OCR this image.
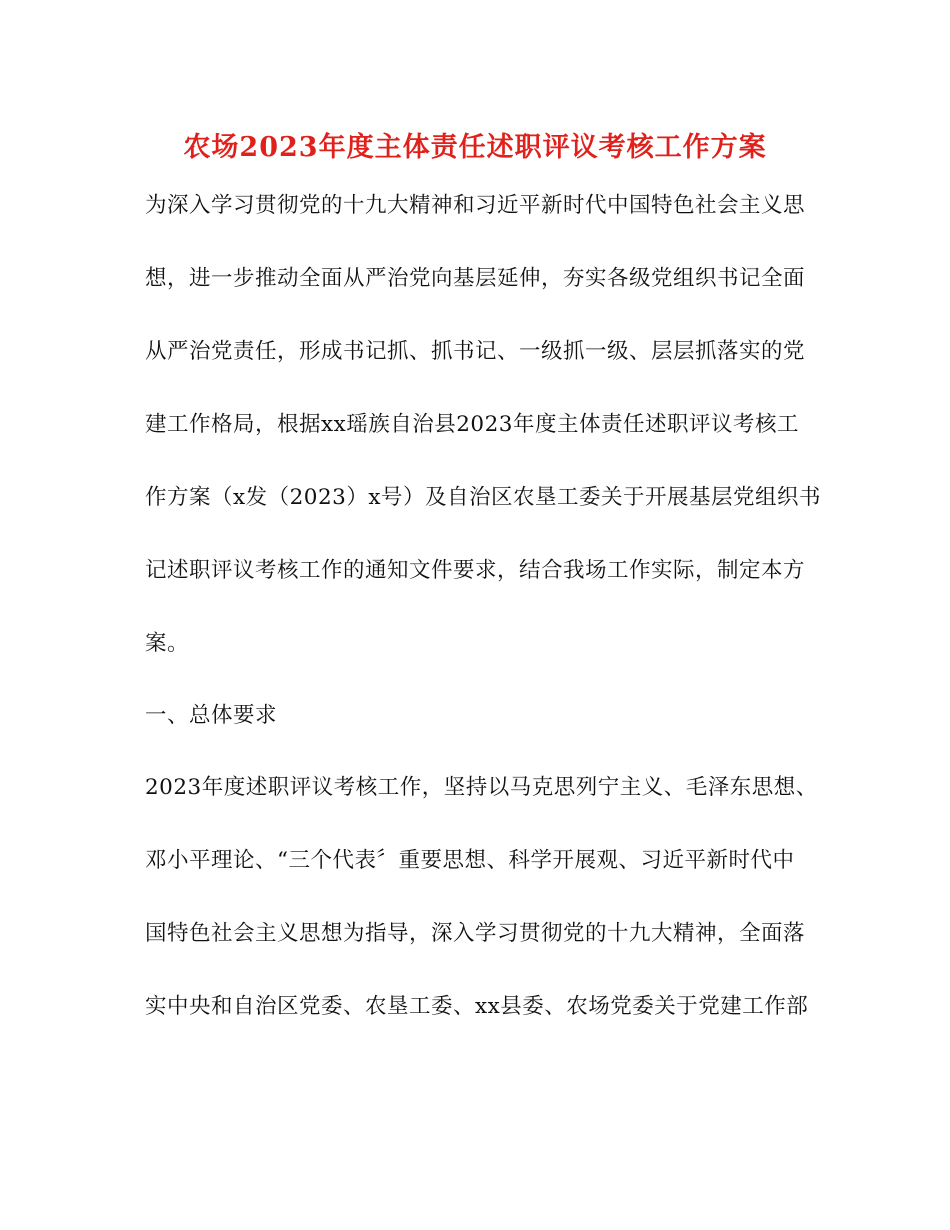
农场2023年度主体责任述职评议考核工作方案
为深入学习贯彻党的十九大精神和习近平新时代中国特色社会主义思
想，进一步推动全面从严治党向基层延伸，夯实各级党组织书记全面
从严治党责任，形成书记抓、抓书记、一级抓一级、层层抓落实的党
建工作格局，根据xx瑶族自治县2023年度主体责任述职评议考核工
作方案（x发（2023）x号）及自治区农垦工委关于开展基层党组织书
记述职评议考核工作的通知文件要求，结合我场工作实际，制定本方
案。
一、总体要求
2023年度述职评议考核工作，坚持以马克思列宁主义、毛泽东思想、
邓小平理论、“三个代表〞重要思想、科学开展观、习近平新时代中
国特色社会主义思想为指导，深入学习贯彻党的十九大精神，全面落
实中央和自治区党委、农垦工委、xx县委、农场党委关于党建工作部
